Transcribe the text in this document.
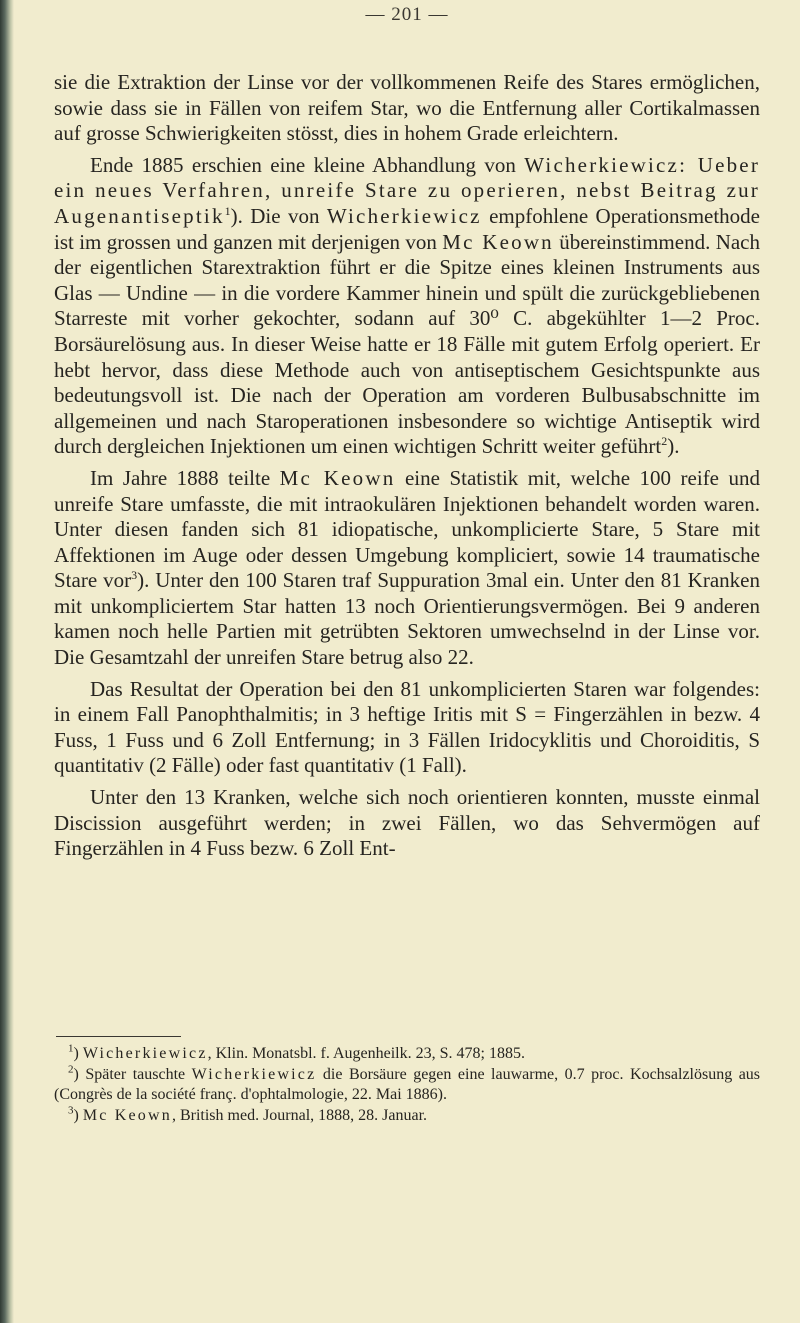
— 201 —

sie die Extraktion der Linse vor der vollkommenen Reife des Stares ermöglichen, sowie dass sie in Fällen von reifem Star, wo die Entfernung aller Cortikalmassen auf grosse Schwierigkeiten stösst, dies in hohem Grade erleichtern.

Ende 1885 erschien eine kleine Abhandlung von Wicherkiewicz: Ueber ein neues Verfahren, unreife Stare zu operieren, nebst Beitrag zur Augenantiseptik$^1$). Die von Wicherkiewicz empfohlene Operationsmethode ist im grossen und ganzen mit derjenigen von Mc Keown übereinstimmend. Nach der eigentlichen Starextraktion führt er die Spitze eines kleinen Instruments aus Glas — Undine — in die vordere Kammer hinein und spült die zurückgebliebenen Starreste mit vorher gekochter, sodann auf 30⁰ C. abgekühlter 1—2 Proc. Borsäurelösung aus. In dieser Weise hatte er 18 Fälle mit gutem Erfolg operiert. Er hebt hervor, dass diese Methode auch von antiseptischem Gesichtspunkte aus bedeutungsvoll ist. Die nach der Operation am vorderen Bulbusabschnitte im allgemeinen und nach Staroperationen insbesondere so wichtige Antiseptik wird durch dergleichen Injektionen um einen wichtigen Schritt weiter geführt$^2$).

Im Jahre 1888 teilte Mc Keown eine Statistik mit, welche 100 reife und unreife Stare umfasste, die mit intraokulären Injektionen behandelt worden waren. Unter diesen fanden sich 81 idiopatische, unkomplicierte Stare, 5 Stare mit Affektionen im Auge oder dessen Umgebung kompliciert, sowie 14 traumatische Stare vor$^3$). Unter den 100 Staren traf Suppuration 3mal ein. Unter den 81 Kranken mit unkompliciertem Star hatten 13 noch Orientierungsvermögen. Bei 9 anderen kamen noch helle Partien mit getrübten Sektoren umwechselnd in der Linse vor. Die Gesamtzahl der unreifen Stare betrug also 22.

Das Resultat der Operation bei den 81 unkomplicierten Staren war folgendes: in einem Fall Panophthalmitis; in 3 heftige Iritis mit S = Fingerzählen in bezw. 4 Fuss, 1 Fuss und 6 Zoll Entfernung; in 3 Fällen Iridocyklitis und Choroiditis, S quantitativ (2 Fälle) oder fast quantitativ (1 Fall).

Unter den 13 Kranken, welche sich noch orientieren konnten, musste einmal Discission ausgeführt werden; in zwei Fällen, wo das Sehvermögen auf Fingerzählen in 4 Fuss bezw. 6 Zoll Ent-

$^1$) Wicherkiewicz, Klin. Monatsbl. f. Augenheilk. 23, S. 478; 1885.

$^2$) Später tauschte Wicherkiewicz die Borsäure gegen eine lauwarme, 0.7 proc. Kochsalzlösung aus (Congrès de la société franç. d'ophtalmologie, 22. Mai 1886).

$^3$) Mc Keown, British med. Journal, 1888, 28. Januar.
